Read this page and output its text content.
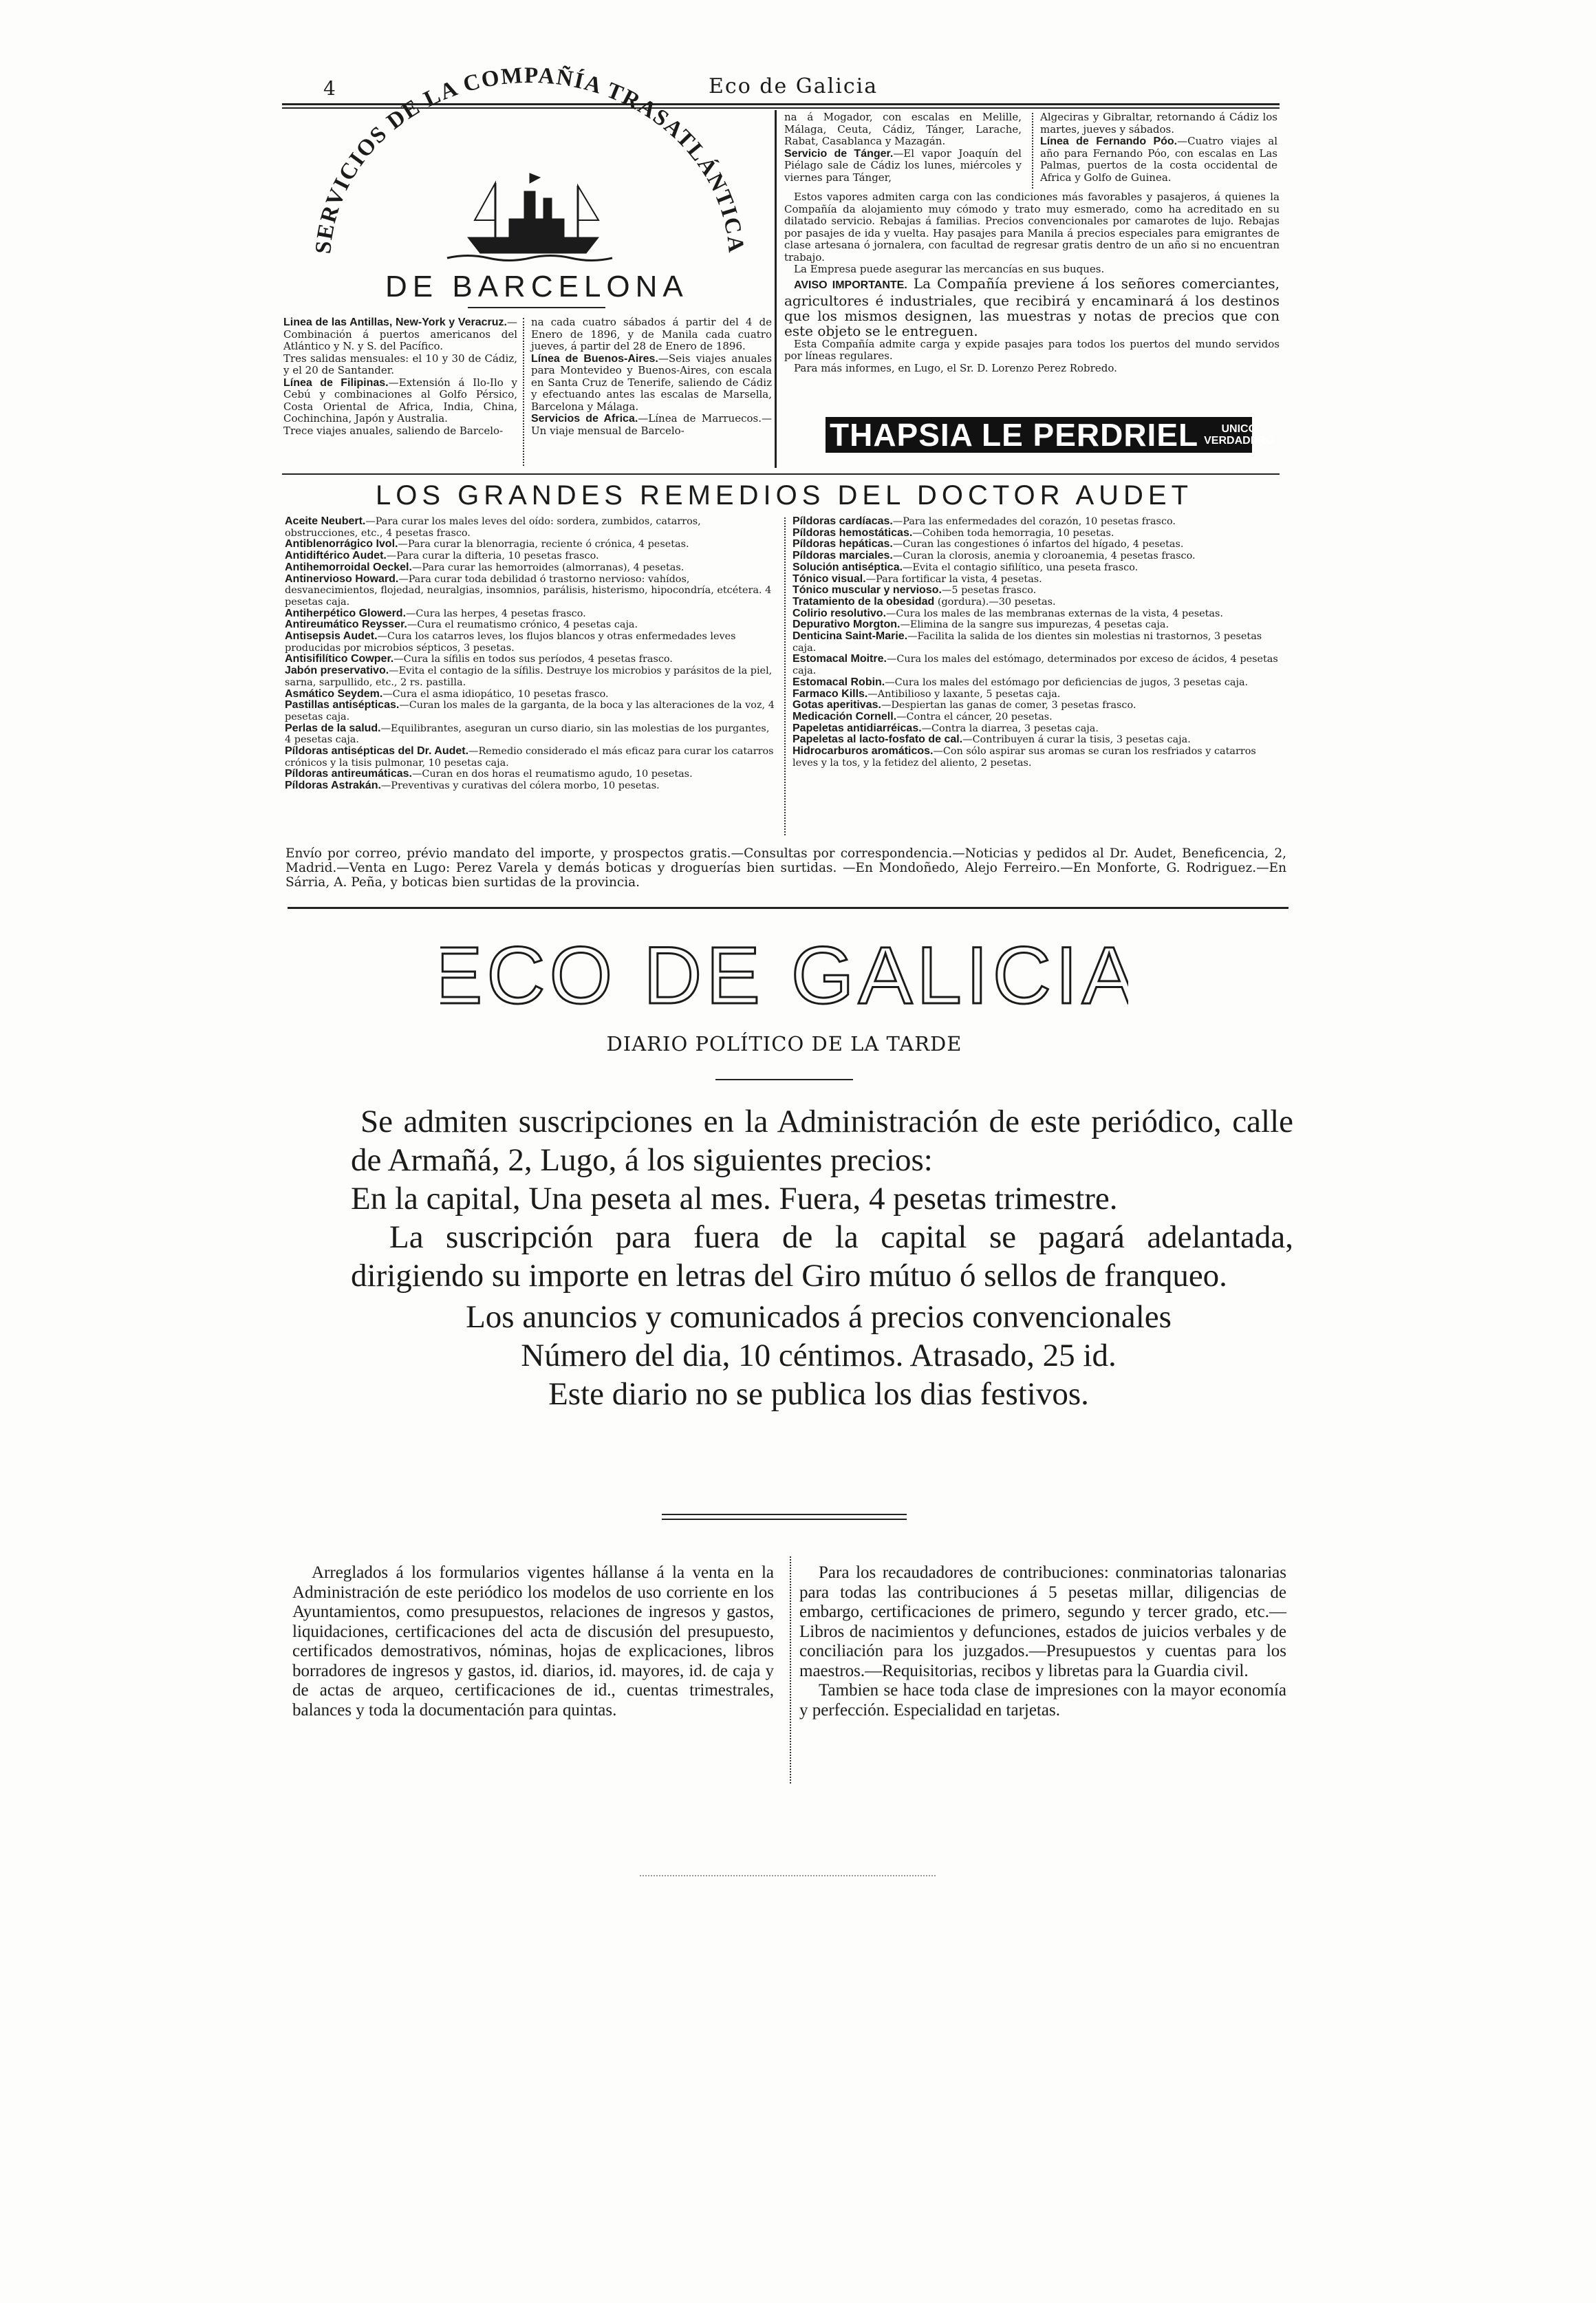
4	Eco de Galicia
SERVICIOS DE LA COMPAÑÍA TRASATLÁNTICA
DE BARCELONA
Linea de las Antillas, New-York y Veracruz.—Combinación á puertos americanos del Atlántico y N. y S. del Pacífico.
Tres salidas mensuales: el 10 y 30 de Cádiz, y el 20 de Santander.
Línea de Filipinas.—Extensión á Ilo-Ilo y Cebú y combinaciones al Golfo Pérsico, Costa Oriental de Africa, India, China, Cochinchina, Japón y Australia.
Trece viajes anuales, saliendo de Barcelo-
na cada cuatro sábados á partir del 4 de Enero de 1896, y de Manila cada cuatro jueves, á partir del 28 de Enero de 1896.
Línea de Buenos-Aires.—Seis viajes anuales para Montevideo y Buenos-Aires, con escala en Santa Cruz de Tenerife, saliendo de Cádiz y efectuando antes las escalas de Marsella, Barcelona y Málaga.
Servicios de Africa.—Línea de Marruecos.—Un viaje mensual de Barcelo-
na á Mogador, con escalas en Melille, Málaga, Ceuta, Cádiz, Tánger, Larache, Rabat, Casablanca y Mazagán.
Servicio de Tánger.—El vapor Joaquín del Piélago sale de Cádiz los lunes, miércoles y viernes para Tánger,
Algeciras y Gibraltar, retornando á Cádiz los martes, jueves y sábados.
Línea de Fernando Póo.—Cuatro viajes al año para Fernando Póo, con escalas en Las Palmas, puertos de la costa occidental de Africa y Golfo de Guinea.
Estos vapores admiten carga con las condiciones más favorables y pasajeros, á quienes la Compañía da alojamiento muy cómodo y trato muy esmerado, como ha acreditado en su dilatado servicio. Rebajas á familias. Precios convencionales por camarotes de lujo. Rebajas por pasajes de ida y vuelta. Hay pasajes para Manila á precios especiales para emigrantes de clase artesana ó jornalera, con facultad de regresar gratis dentro de un año si no encuentran trabajo.
La Empresa puede asegurar las mercancías en sus buques.
AVISO IMPORTANTE. La Compañía previene á los señores comerciantes, agricultores é industriales, que recibirá y encaminará á los destinos que los mismos designen, las muestras y notas de precios que con este objeto se le entreguen.
Esta Compañía admite carga y expide pasajes para todos los puertos del mundo servidos por líneas regulares.
Para más informes, en Lugo, el Sr. D. Lorenzo Perez Robredo.
THAPSIA LE PERDRIEL UNICO
VERDADERO
LOS GRANDES REMEDIOS DEL DOCTOR AUDET

Aceite Neubert.—Para curar los males leves del oído: sordera, zumbidos, catarros, obstrucciones, etc., 4 pesetas frasco.

Antiblenorrágico Ivol.—Para curar la blenorragia, reciente ó crónica, 4 pesetas.

Antidiftérico Audet.—Para curar la difteria, 10 pesetas frasco.

Antihemorroidal Oeckel.—Para curar las hemorroides (almorranas), 4 pesetas.

Antinervioso Howard.—Para curar toda debilidad ó trastorno nervioso: vahídos, desvanecimientos, flojedad, neuralgias, insomnios, parálisis, histerismo, hipocondría, etcétera. 4 pesetas caja.

Antiherpético Glowerd.—Cura las herpes, 4 pesetas frasco.

Antireumático Reysser.—Cura el reumatismo crónico, 4 pesetas caja.

Antisepsis Audet.—Cura los catarros leves, los flujos blancos y otras enfermedades leves producidas por microbios sépticos, 3 pesetas.

Antisifilítico Cowper.—Cura la sífilis en todos sus períodos, 4 pesetas frasco.

Jabón preservativo.—Evita el contagio de la sífilis. Destruye los microbios y parásitos de la piel, sarna, sarpullido, etc., 2 rs. pastilla.

Asmático Seydem.—Cura el asma idiopático, 10 pesetas frasco.

Pastillas antisépticas.—Curan los males de la garganta, de la boca y las alteraciones de la voz, 4 pesetas caja.

Perlas de la salud.—Equilibrantes, aseguran un curso diario, sin las molestias de los purgantes, 4 pesetas caja.

Píldoras antisépticas del Dr. Audet.—Remedio considerado el más eficaz para curar los catarros crónicos y la tisis pulmonar, 10 pesetas caja.

Píldoras antireumáticas.—Curan en dos horas el reumatismo agudo, 10 pesetas.

Píldoras Astrakán.—Preventivas y curativas del cólera morbo, 10 pesetas.

Píldoras cardíacas.—Para las enfermedades del corazón, 10 pesetas frasco.

Píldoras hemostáticas.—Cohiben toda hemorragia, 10 pesetas.

Píldoras hepáticas.—Curan las congestiones ó infartos del hígado, 4 pesetas.

Píldoras marciales.—Curan la clorosis, anemia y cloroanemia, 4 pesetas frasco.

Solución antiséptica.—Evita el contagio sifilítico, una peseta frasco.

Tónico visual.—Para fortificar la vista, 4 pesetas.

Tónico muscular y nervioso.—5 pesetas frasco.

Tratamiento de la obesidad (gordura).—30 pesetas.

Colirio resolutivo.—Cura los males de las membranas externas de la vista, 4 pesetas.

Depurativo Morgton.—Elimina de la sangre sus impurezas, 4 pesetas caja.

Denticina Saint-Marie.—Facilita la salida de los dientes sin molestias ni trastornos, 3 pesetas caja.

Estomacal Moitre.—Cura los males del estómago, determinados por exceso de ácidos, 4 pesetas caja.

Estomacal Robin.—Cura los males del estómago por deficiencias de jugos, 3 pesetas caja.

Farmaco Kills.—Antibilioso y laxante, 5 pesetas caja.

Gotas aperitivas.—Despiertan las ganas de comer, 3 pesetas frasco.

Medicación Cornell.—Contra el cáncer, 20 pesetas.

Papeletas antidiarréicas.—Contra la diarrea, 3 pesetas caja.

Papeletas al lacto-fosfato de cal.—Contribuyen á curar la tisis, 3 pesetas caja.

Hidrocarburos aromáticos.—Con sólo aspirar sus aromas se curan los resfriados y catarros leves y la tos, y la fetidez del aliento, 2 pesetas.

Envío por correo, prévio mandato del importe, y prospectos gratis.—Consultas por correspondencia.—Noticias y pedidos al Dr. Audet, Beneficencia, 2, Madrid.—Venta en Lugo: Perez Varela y demás boticas y droguerías bien surtidas. —En Mondoñedo, Alejo Ferreiro.—En Monforte, G. Rodriguez.—En Sárria, A. Peña, y boticas bien surtidas de la provincia.
ECO DE GALICIA
DIARIO POLÍTICO DE LA TARDE

Se admiten suscripciones en la Administración de este periódico, calle de Armañá, 2, Lugo, á los siguientes precios:

En la capital, Una peseta al mes. Fuera, 4 pesetas trimestre.

La suscripción para fuera de la capital se pagará adelantada, dirigiendo su importe en letras del Giro mútuo ó sellos de franqueo.

Los anuncios y comunicados á precios convencionales

Número del dia, 10 céntimos. Atrasado, 25 id.

Este diario no se publica los dias festivos.

Arreglados á los formularios vigentes hállanse á la venta en la Administración de este periódico los modelos de uso corriente en los Ayuntamientos, como presupuestos, relaciones de ingresos y gastos, liquidaciones, certificaciones del acta de discusión del presupuesto, certificados demostrativos, nóminas, hojas de explicaciones, libros borradores de ingresos y gastos, id. diarios, id. mayores, id. de caja y de actas de arqueo, certificaciones de id., cuentas trimestrales, balances y toda la documentación para quintas.

Para los recaudadores de contribuciones: conminatorias talonarias para todas las contribuciones á 5 pesetas millar, diligencias de embargo, certificaciones de primero, segundo y tercer grado, etc.—Libros de nacimientos y defunciones, estados de juicios verbales y de conciliación para los juzgados.—Presupuestos y cuentas para los maestros.—Requisitorias, recibos y libretas para la Guardia civil.

Tambien se hace toda clase de impresiones con la mayor economía y perfección. Especialidad en tarjetas.
